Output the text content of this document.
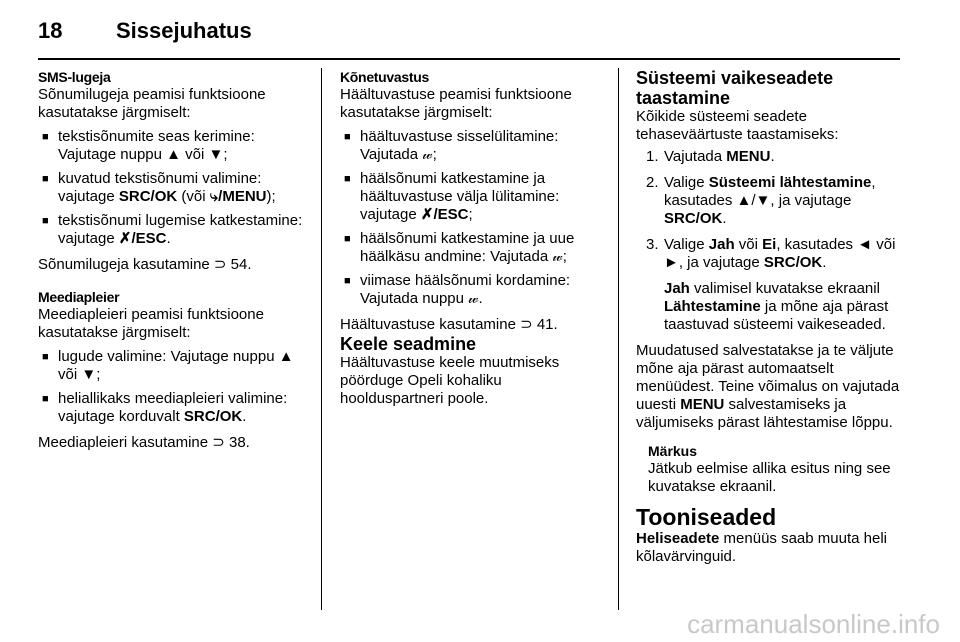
18 Sissejuhatus

SMS-lugeja

Sõnumilugeja peamisi funktsioone kasutatakse järgmiselt:

■ tekstisõnumite seas kerimine: Vajutage nuppu ▲ või ▼;
■ kuvatud tekstisõnumi valimine: vajutage SRC/OK (või ⤷/MENU);
■ tekstisõnumi lugemise katkestamine: vajutage ✗/ESC.

Sõnumilugeja kasutamine ⊃ 54.

Meediapleier

Meediapleieri peamisi funktsioone kasutatakse järgmiselt:

■ lugude valimine: Vajutage nuppu ▲ või ▼;
■ heliallikaks meediapleieri valimine: vajutage korduvalt SRC/OK.

Meediapleieri kasutamine ⊃ 38.

Kõnetuvastus

Häältuvastuse peamisi funktsioone kasutatakse järgmiselt:

■ häältuvastuse sisselülitamine: Vajutada 𝓌;
■ häälsõnumi katkestamine ja häältuvastuse välja lülitamine: vajutage ✗/ESC;
■ häälsõnumi katkestamine ja uue häälkäsu andmine: Vajutada 𝓌;
■ viimase häälsõnumi kordamine: Vajutada nuppu 𝓌.

Häältuvastuse kasutamine ⊃ 41.

Keele seadmine

Häältuvastuse keele muutmiseks pöörduge Opeli kohaliku hoolduspartneri poole.

Süsteemi vaikeseadete taastamine

Kõikide süsteemi seadete tehaseväärtuste taastamiseks:

1. Vajutada MENU.
2. Valige Süsteemi lähtestamine, kasutades ▲/▼, ja vajutage SRC/OK.
3. Valige Jah või Ei, kasutades ◄ või ►, ja vajutage SRC/OK.
Jah valimisel kuvatakse ekraanil Lähtestamine ja mõne aja pärast taastuvad süsteemi vaikeseaded.

Muudatused salvestatakse ja te väljute mõne aja pärast automaatselt menüüdest. Teine võimalus on vajutada uuesti MENU salvestamiseks ja väljumiseks pärast lähtestamise lõppu.

Märkus
Jätkub eelmise allika esitus ning see kuvatakse ekraanil.

Tooniseaded

Heliseadete menüüs saab muuta heli kõlavärvinguid.

carmanualsonline.info
